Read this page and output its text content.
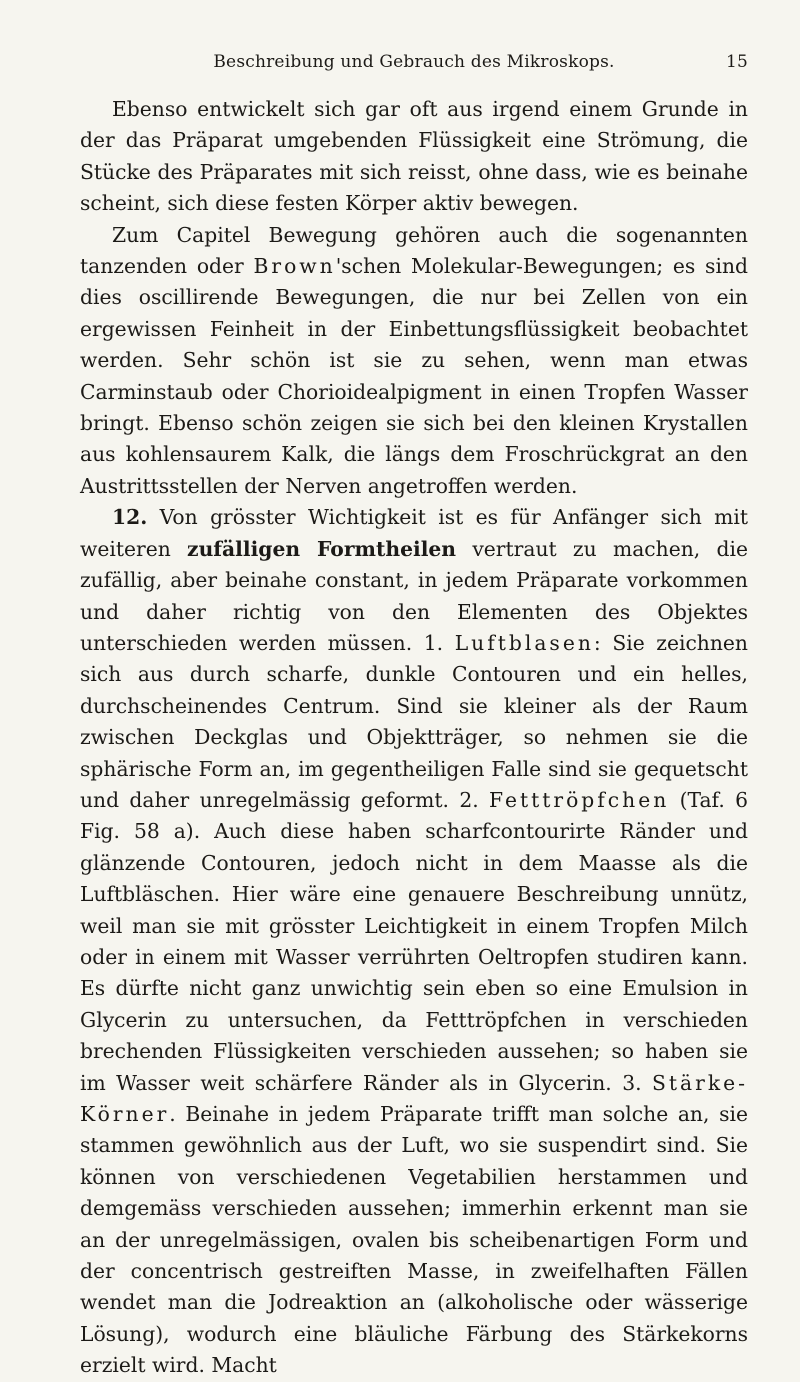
Beschreibung und Gebrauch des Mikroskops.	15

Ebenso entwickelt sich gar oft aus irgend einem Grunde in der das Präparat umgebenden Flüssigkeit eine Strömung, die Stücke des Präparates mit sich reisst, ohne dass, wie es beinahe scheint, sich diese festen Körper aktiv bewegen.

Zum Capitel Bewegung gehören auch die sogenannten tanzenden oder Brown'schen Molekular-Bewegungen; es sind dies oscillirende Bewegungen, die nur bei Zellen von ein ergewissen Feinheit in der Einbettungsflüssigkeit beobachtet werden. Sehr schön ist sie zu sehen, wenn man etwas Carminstaub oder Chorioidealpigment in einen Tropfen Wasser bringt. Ebenso schön zeigen sie sich bei den kleinen Krystallen aus kohlensaurem Kalk, die längs dem Froschrückgrat an den Austrittsstellen der Nerven angetroffen werden.

12. Von grösster Wichtigkeit ist es für Anfänger sich mit weiteren zufälligen Formtheilen vertraut zu machen, die zufällig, aber beinahe constant, in jedem Präparate vorkommen und daher richtig von den Elementen des Objektes unterschieden werden müssen. 1. Luftblasen: Sie zeichnen sich aus durch scharfe, dunkle Contouren und ein helles, durchscheinendes Centrum. Sind sie kleiner als der Raum zwischen Deckglas und Objektträger, so nehmen sie die sphärische Form an, im gegentheiligen Falle sind sie gequetscht und daher unregelmässig geformt. 2. Fetttröpfchen (Taf. 6 Fig. 58 a). Auch diese haben scharfcontourirte Ränder und glänzende Contouren, jedoch nicht in dem Maasse als die Luftbläschen. Hier wäre eine genauere Beschreibung unnütz, weil man sie mit grösster Leichtigkeit in einem Tropfen Milch oder in einem mit Wasser verrührten Oeltropfen studiren kann. Es dürfte nicht ganz unwichtig sein eben so eine Emulsion in Glycerin zu untersuchen, da Fetttröpfchen in verschieden brechenden Flüssigkeiten verschieden aussehen; so haben sie im Wasser weit schärfere Ränder als in Glycerin. 3. Stärke-Körner. Beinahe in jedem Präparate trifft man solche an, sie stammen gewöhnlich aus der Luft, wo sie suspendirt sind. Sie können von verschiedenen Vegetabilien herstammen und demgemäss verschieden aussehen; immerhin erkennt man sie an der unregelmässigen, ovalen bis scheibenartigen Form und der concentrisch gestreiften Masse, in zweifelhaften Fällen wendet man die Jodreaktion an (alkoholische oder wässerige Lösung), wodurch eine bläuliche Färbung des Stärkekorns erzielt wird. Macht
